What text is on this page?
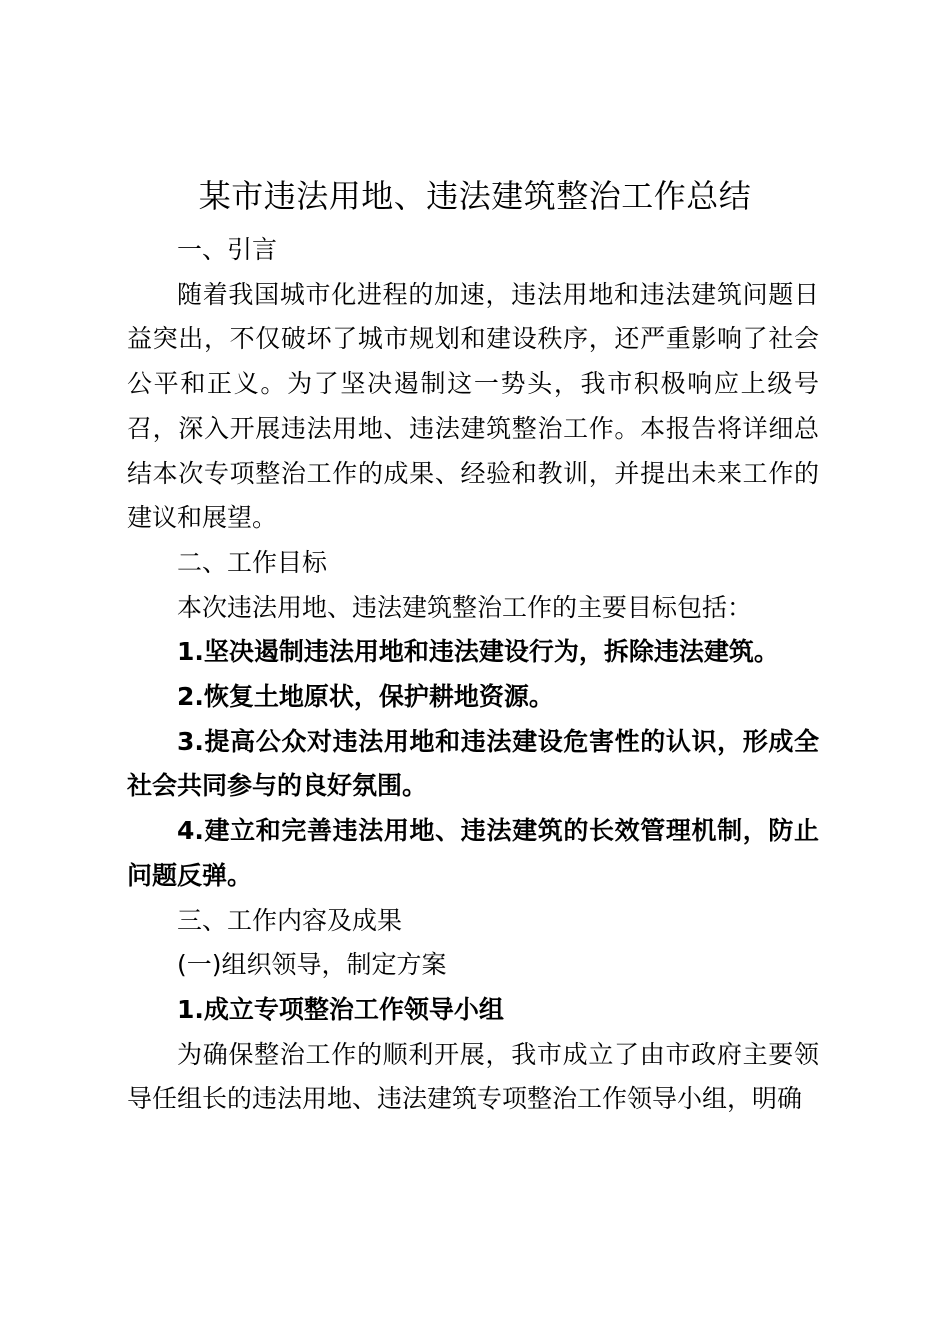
某市违法用地、违法建筑整治工作总结

一、引言

随着我国城市化进程的加速，违法用地和违法建筑问题日益突出，不仅破坏了城市规划和建设秩序，还严重影响了社会公平和正义。为了坚决遏制这一势头，我市积极响应上级号召，深入开展违法用地、违法建筑整治工作。本报告将详细总结本次专项整治工作的成果、经验和教训，并提出未来工作的建议和展望。

二、工作目标

本次违法用地、违法建筑整治工作的主要目标包括：

1.坚决遏制违法用地和违法建设行为，拆除违法建筑。

2.恢复土地原状，保护耕地资源。

3.提高公众对违法用地和违法建设危害性的认识，形成全社会共同参与的良好氛围。

4.建立和完善违法用地、违法建筑的长效管理机制，防止问题反弹。

三、工作内容及成果

(一)组织领导，制定方案

1.成立专项整治工作领导小组

为确保整治工作的顺利开展，我市成立了由市政府主要领导任组长的违法用地、违法建筑专项整治工作领导小组，明确
